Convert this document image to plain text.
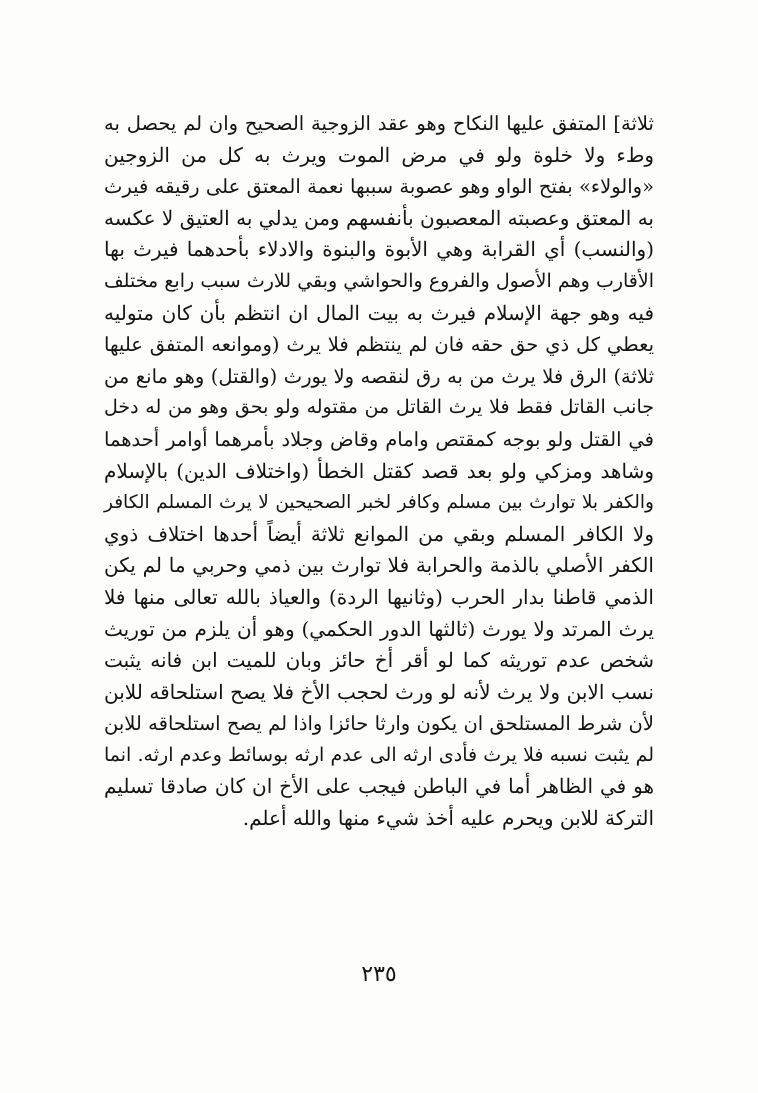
ثلاثة] المتفق عليها النكاح وهو عقد الزوجية الصحيح وان لم يحصل به
وطء ولا خلوة ولو في مرض الموت ويرث به كل من الزوجين
«والولاء» بفتح الواو وهو عصوبة سببها نعمة المعتق على رقيقه فيرث
به المعتق وعصبته المعصبون بأنفسهم ومن يدلي به العتيق لا عكسه
(والنسب) أي القرابة وهي الأبوة والبنوة والادلاء بأحدهما فيرث بها
الأقارب وهم الأصول والفروع والحواشي وبقي للارث سبب رابع مختلف
فيه وهو جهة الإسلام فيرث به بيت المال ان انتظم بأن كان متوليه
يعطي كل ذي حق حقه فان لم ينتظم فلا يرث (وموانعه المتفق عليها
ثلاثة) الرق فلا يرث من به رق لنقصه ولا يورث (والقتل) وهو مانع من
جانب القاتل فقط فلا يرث القاتل من مقتوله ولو بحق وهو من له دخل
في القتل ولو بوجه كمقتص وامام وقاض وجلاد بأمرهما أوامر أحدهما
وشاهد ومزكي ولو بعد قصد كقتل الخطأ (واختلاف الدين) بالإسلام
والكفر بلا توارث بين مسلم وكافر لخبر الصحيحين لا يرث المسلم الكافر
ولا الكافر المسلم وبقي من الموانع ثلاثة أيضاً أحدها اختلاف ذوي
الكفر الأصلي بالذمة والحرابة فلا توارث بين ذمي وحربي ما لم يكن
الذمي قاطنا بدار الحرب (وثانيها الردة) والعياذ بالله تعالى منها فلا
يرث المرتد ولا يورث (ثالثها الدور الحكمي) وهو أن يلزم من توريث
شخص عدم توريثه كما لو أقر أخ حائز وبان للميت ابن فانه يثبت
نسب الابن ولا يرث لأنه لو ورث لحجب الأخ فلا يصح استلحاقه للابن
لأن شرط المستلحق ان يكون وارثا حائزا واذا لم يصح استلحاقه للابن
لم يثبت نسبه فلا يرث فأدى ارثه الى عدم ارثه بوسائط وعدم ارثه. انما
هو في الظاهر أما في الباطن فيجب على الأخ ان كان صادقا تسليم
التركة للابن ويحرم عليه أخذ شيء منها والله أعلم.
٢٣٥
